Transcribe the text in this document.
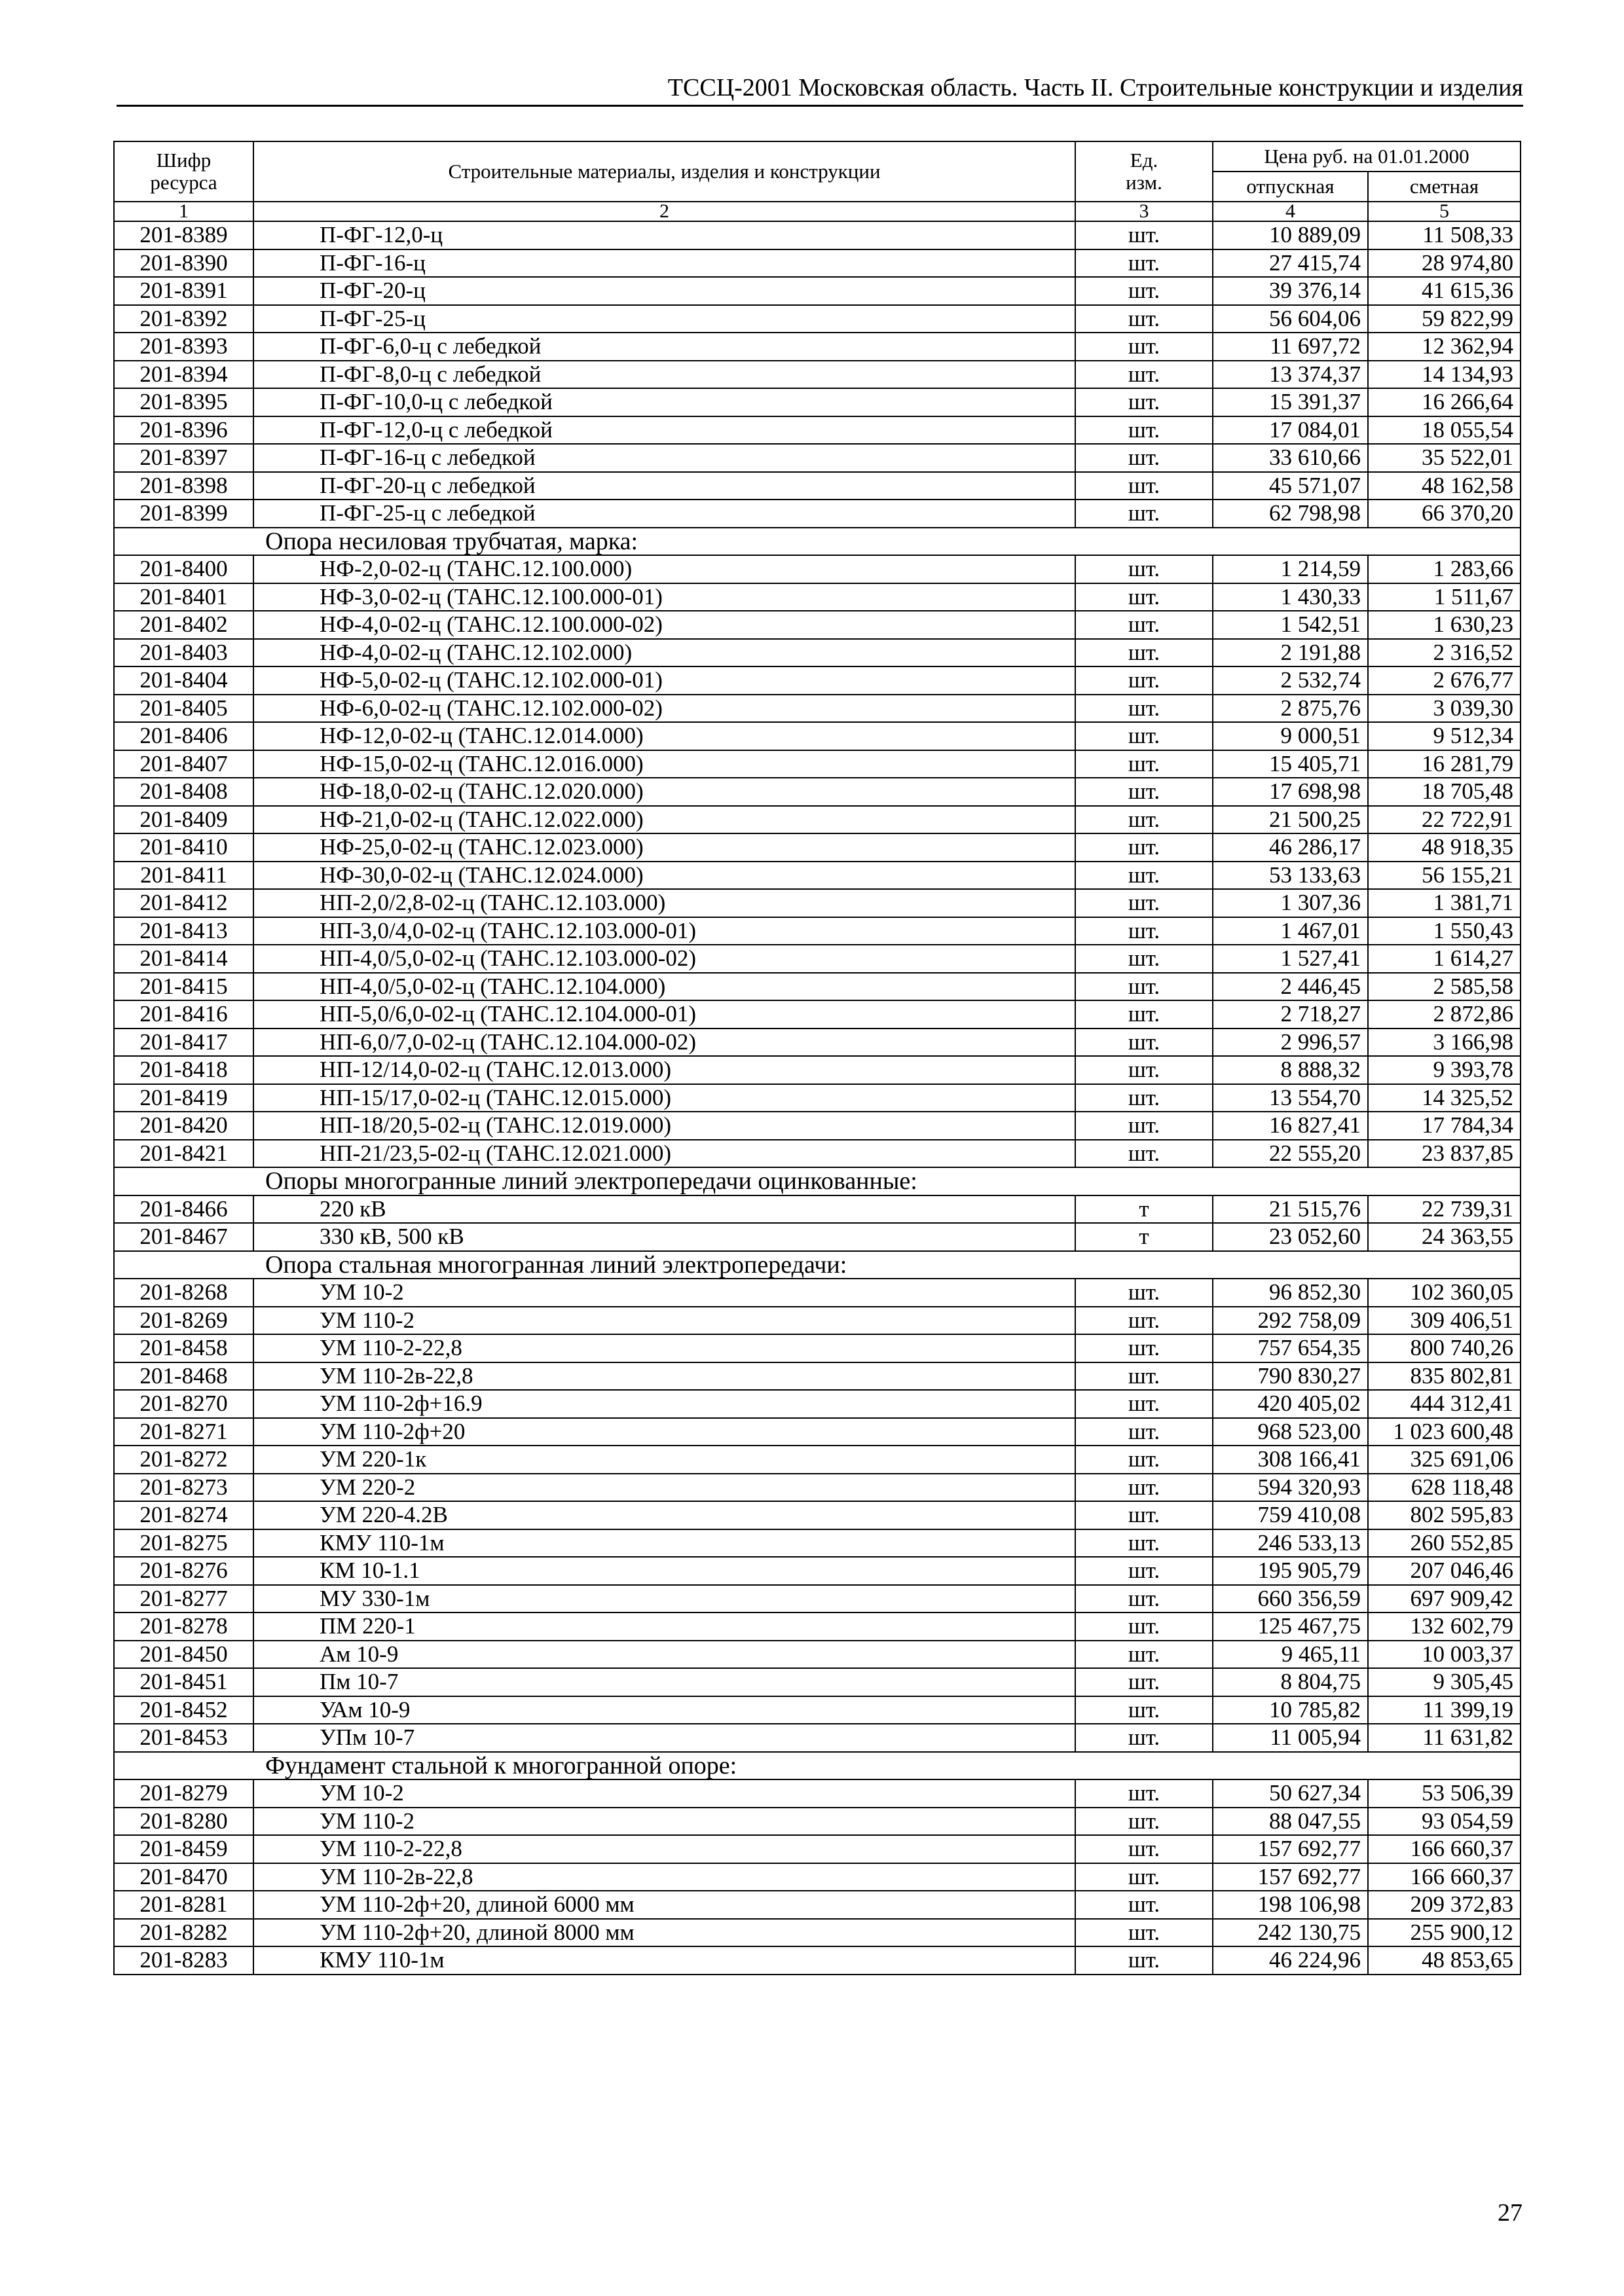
ТССЦ-2001 Московская область. Часть II. Строительные конструкции и изделия
Шифр
ресурса	Строительные материалы, изделия и конструкции	Ед.
изм.	Цена руб. на 01.01.2000	
			отпускная	сметная
1	2	3	4	5
201-8389	П-ФГ-12,0-ц	шт.	10 889,09	11 508,33
201-8390	П-ФГ-16-ц	шт.	27 415,74	28 974,80
201-8391	П-ФГ-20-ц	шт.	39 376,14	41 615,36
201-8392	П-ФГ-25-ц	шт.	56 604,06	59 822,99
201-8393	П-ФГ-6,0-ц с лебедкой	шт.	11 697,72	12 362,94
201-8394	П-ФГ-8,0-ц с лебедкой	шт.	13 374,37	14 134,93
201-8395	П-ФГ-10,0-ц с лебедкой	шт.	15 391,37	16 266,64
201-8396	П-ФГ-12,0-ц с лебедкой	шт.	17 084,01	18 055,54
201-8397	П-ФГ-16-ц с лебедкой	шт.	33 610,66	35 522,01
201-8398	П-ФГ-20-ц с лебедкой	шт.	45 571,07	48 162,58
201-8399	П-ФГ-25-ц с лебедкой	шт.	62 798,98	66 370,20
Опора несиловая трубчатая, марка:				
201-8400	НФ-2,0-02-ц (ТАНС.12.100.000)	шт.	1 214,59	1 283,66
201-8401	НФ-3,0-02-ц (ТАНС.12.100.000-01)	шт.	1 430,33	1 511,67
201-8402	НФ-4,0-02-ц (ТАНС.12.100.000-02)	шт.	1 542,51	1 630,23
201-8403	НФ-4,0-02-ц (ТАНС.12.102.000)	шт.	2 191,88	2 316,52
201-8404	НФ-5,0-02-ц (ТАНС.12.102.000-01)	шт.	2 532,74	2 676,77
201-8405	НФ-6,0-02-ц (ТАНС.12.102.000-02)	шт.	2 875,76	3 039,30
201-8406	НФ-12,0-02-ц (ТАНС.12.014.000)	шт.	9 000,51	9 512,34
201-8407	НФ-15,0-02-ц (ТАНС.12.016.000)	шт.	15 405,71	16 281,79
201-8408	НФ-18,0-02-ц (ТАНС.12.020.000)	шт.	17 698,98	18 705,48
201-8409	НФ-21,0-02-ц (ТАНС.12.022.000)	шт.	21 500,25	22 722,91
201-8410	НФ-25,0-02-ц (ТАНС.12.023.000)	шт.	46 286,17	48 918,35
201-8411	НФ-30,0-02-ц (ТАНС.12.024.000)	шт.	53 133,63	56 155,21
201-8412	НП-2,0/2,8-02-ц (ТАНС.12.103.000)	шт.	1 307,36	1 381,71
201-8413	НП-3,0/4,0-02-ц (ТАНС.12.103.000-01)	шт.	1 467,01	1 550,43
201-8414	НП-4,0/5,0-02-ц (ТАНС.12.103.000-02)	шт.	1 527,41	1 614,27
201-8415	НП-4,0/5,0-02-ц (ТАНС.12.104.000)	шт.	2 446,45	2 585,58
201-8416	НП-5,0/6,0-02-ц (ТАНС.12.104.000-01)	шт.	2 718,27	2 872,86
201-8417	НП-6,0/7,0-02-ц (ТАНС.12.104.000-02)	шт.	2 996,57	3 166,98
201-8418	НП-12/14,0-02-ц (ТАНС.12.013.000)	шт.	8 888,32	9 393,78
201-8419	НП-15/17,0-02-ц (ТАНС.12.015.000)	шт.	13 554,70	14 325,52
201-8420	НП-18/20,5-02-ц (ТАНС.12.019.000)	шт.	16 827,41	17 784,34
201-8421	НП-21/23,5-02-ц (ТАНС.12.021.000)	шт.	22 555,20	23 837,85
Опоры многогранные линий электропередачи оцинкованные:				
201-8466	220 кВ	т	21 515,76	22 739,31
201-8467	330 кВ, 500 кВ	т	23 052,60	24 363,55
Опора стальная многогранная линий электропередачи:				
201-8268	УМ 10-2	шт.	96 852,30	102 360,05
201-8269	УМ 110-2	шт.	292 758,09	309 406,51
201-8458	УМ 110-2-22,8	шт.	757 654,35	800 740,26
201-8468	УМ 110-2в-22,8	шт.	790 830,27	835 802,81
201-8270	УМ 110-2ф+16.9	шт.	420 405,02	444 312,41
201-8271	УМ 110-2ф+20	шт.	968 523,00	1 023 600,48
201-8272	УМ 220-1к	шт.	308 166,41	325 691,06
201-8273	УМ 220-2	шт.	594 320,93	628 118,48
201-8274	УМ 220-4.2В	шт.	759 410,08	802 595,83
201-8275	КМУ 110-1м	шт.	246 533,13	260 552,85
201-8276	КМ 10-1.1	шт.	195 905,79	207 046,46
201-8277	МУ 330-1м	шт.	660 356,59	697 909,42
201-8278	ПМ 220-1	шт.	125 467,75	132 602,79
201-8450	Ам 10-9	шт.	9 465,11	10 003,37
201-8451	Пм 10-7	шт.	8 804,75	9 305,45
201-8452	УАм 10-9	шт.	10 785,82	11 399,19
201-8453	УПм 10-7	шт.	11 005,94	11 631,82
Фундамент стальной к многогранной опоре:				
201-8279	УМ 10-2	шт.	50 627,34	53 506,39
201-8280	УМ 110-2	шт.	88 047,55	93 054,59
201-8459	УМ 110-2-22,8	шт.	157 692,77	166 660,37
201-8470	УМ 110-2в-22,8	шт.	157 692,77	166 660,37
201-8281	УМ 110-2ф+20, длиной 6000 мм	шт.	198 106,98	209 372,83
201-8282	УМ 110-2ф+20, длиной 8000 мм	шт.	242 130,75	255 900,12
201-8283	КМУ 110-1м	шт.	46 224,96	48 853,65
27
